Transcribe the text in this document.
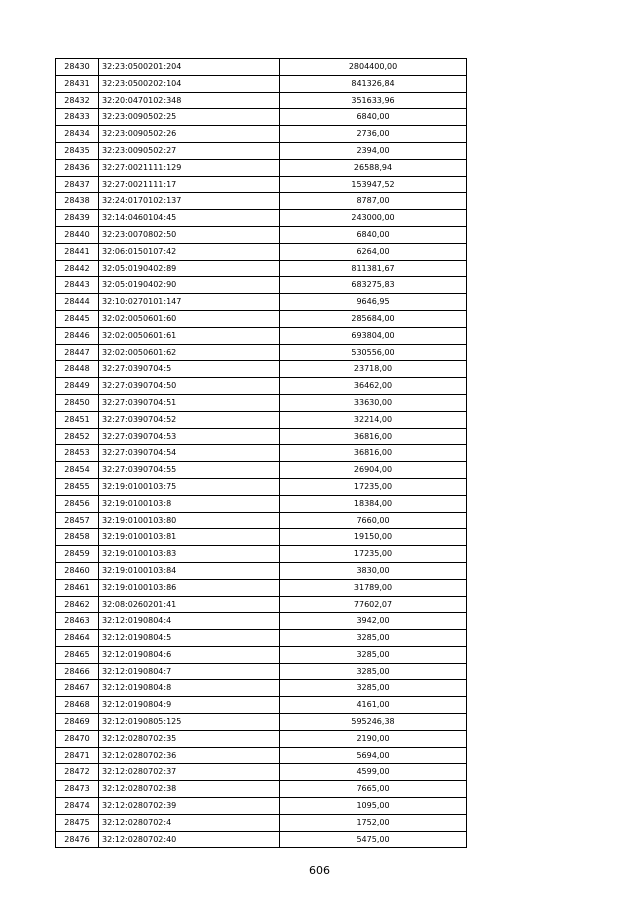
28430	32:23:0500201:204	2804400,00
28431	32:23:0500202:104	841326,84
28432	32:20:0470102:348	351633,96
28433	32:23:0090502:25	6840,00
28434	32:23:0090502:26	2736,00
28435	32:23:0090502:27	2394,00
28436	32:27:0021111:129	26588,94
28437	32:27:0021111:17	153947,52
28438	32:24:0170102:137	8787,00
28439	32:14:0460104:45	243000,00
28440	32:23:0070802:50	6840,00
28441	32:06:0150107:42	6264,00
28442	32:05:0190402:89	811381,67
28443	32:05:0190402:90	683275,83
28444	32:10:0270101:147	9646,95
28445	32:02:0050601:60	285684,00
28446	32:02:0050601:61	693804,00
28447	32:02:0050601:62	530556,00
28448	32:27:0390704:5	23718,00
28449	32:27:0390704:50	36462,00
28450	32:27:0390704:51	33630,00
28451	32:27:0390704:52	32214,00
28452	32:27:0390704:53	36816,00
28453	32:27:0390704:54	36816,00
28454	32:27:0390704:55	26904,00
28455	32:19:0100103:75	17235,00
28456	32:19:0100103:8	18384,00
28457	32:19:0100103:80	7660,00
28458	32:19:0100103:81	19150,00
28459	32:19:0100103:83	17235,00
28460	32:19:0100103:84	3830,00
28461	32:19:0100103:86	31789,00
28462	32:08:0260201:41	77602,07
28463	32:12:0190804:4	3942,00
28464	32:12:0190804:5	3285,00
28465	32:12:0190804:6	3285,00
28466	32:12:0190804:7	3285,00
28467	32:12:0190804:8	3285,00
28468	32:12:0190804:9	4161,00
28469	32:12:0190805:125	595246,38
28470	32:12:0280702:35	2190,00
28471	32:12:0280702:36	5694,00
28472	32:12:0280702:37	4599,00
28473	32:12:0280702:38	7665,00
28474	32:12:0280702:39	1095,00
28475	32:12:0280702:4	1752,00
28476	32:12:0280702:40	5475,00
606
